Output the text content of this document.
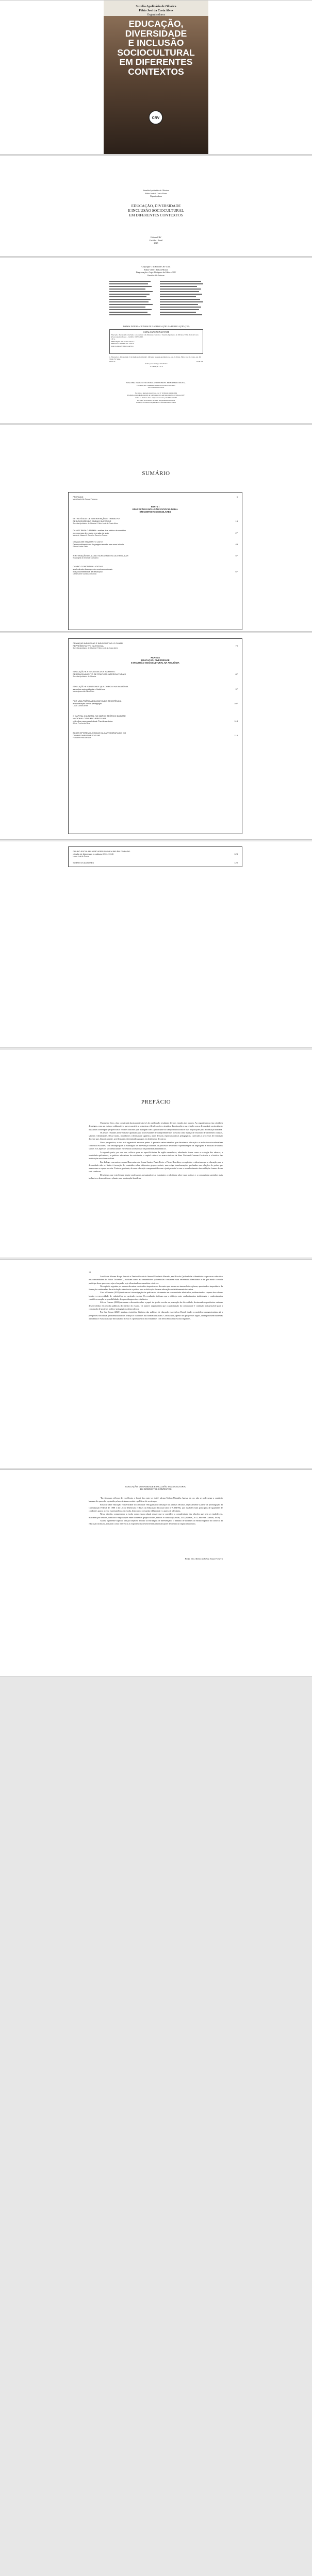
Suzeléa Apolinário de Oliveira
Fábio José da Costa Alves
Organizadores
EDUCAÇÃO,
DIVERSIDADE
E INCLUSÃO
SOCIOCULTURAL
EM DIFERENTES
CONTEXTOS
CRV
Suzeléa Apolinário de Oliveira
Fábio José da Costa Alves
Organizadores
EDUCAÇÃO, DIVERSIDADE
E INCLUSÃO SOCIOCULTURAL
EM DIFERENTES CONTEXTOS
Editora CRV
Curitiba - Brasil
2023
Copyright © da Editora CRV Ltda.
Editor-chefe: Railson Moura
Diagramação e Capa: Designers da Editora CRV
Revisão: Os Autores
DADOS INTERNACIONAIS DE CATALOGAÇÃO NA PUBLICAÇÃO (CIP)
CATALOGAÇÃO NA FONTE
Educação, diversidade e inclusão sociocultural em diferentes contextos / Suzeléa Apolinário de Oliveira, Fábio José da Costa Alves (organizadores) – Curitiba : CRV, 2023.
130 p.
ISBN Digital 978-65-251-4473-7
ISBN Físico 978-65-251-4470-6
DOI 10.24824/978652514470.6
1. Educação 2. Diversidade 3. Inclusão sociocultural I. Oliveira, Suzeléa Apolinário de. org. II. Alves, Fábio José da Costa. org. III. Título IV. Série.
CDU 37	CDD 370
Índice para catálogo sistemático
1. Educação – 370
ESTA OBRA TAMBÉM ENCONTRA-SE DISPONÍVEL EM FORMATO DIGITAL.
CONHEÇA E COMPRE NOSSOS LIVROS NO SITE:
www.editoracrv.com.br
Foi feito o depósito legal conf. Lei nº 10.994 de 14/12/2004
Proibida a reprodução parcial ou total desta obra sem autorização da Editora CRV
Todos os direitos desta edição reservados pela Editora CRV
Tel.: (41) 3039-6418 – E-mail: sac@editoracrv.com.br
Conheça os nossos lançamentos: www.editoracrv.com.br
SUMÁRIO
PREFÁCIO	9
Maria Isabel de Souza Fonseca
PARTE I
EDUCAÇÃO E INCLUSÃO SOCIOCULTURAL
EM CONTEXTOS ESCOLARES
ESTRATÉGIAS DE INTERVENÇÃO E TRABALHO
DE DOCENTES DO ENSINO SUPERIOR	13
Suzeléa Apolinário de Oliveira / Fábio José da Costa Alves
DA VOZ PARA O ANIMAL: análise dos efeitos de sentidos
no processo de ensino em sala de aula	27
Maria de Nazareth Cordeiro Carneiro Franco
OUÇAM-ME ENQUANTO LATO!
Desenvolvimento da linguagem escrita nos anos iniciais	43
Edmar Xavier Pinto
A INTERAÇÃO DE ALUNO SURDO NA ESCOLA REGULAR	57
Rosangela de Andrade Camacho
CAMPO CONCEITUAL ADITIVO:
a relevância dos aspectos socioemocionais
nos procedimentos de resolução	67
Carla Karine Cardoso Miranda
CRIANÇAS INDÍGENAS E INDIGENISTAS: O OLHAR
REPRESENTATIVO NA ESCOLA	79
Suzeléa Apolinário de Oliveira / Fábio José da Costa Alves
PARTE II
EDUCAÇÃO, DIVERSIDADE
E INCLUSÃO SOCIOCULTURAL NA AMAZÔNIA
EDUCAÇÃO E A ECOLOGIA DOS SABERES:
DESENVOLVIMENTO DE PRÁTICAS INTERCULTURAIS	87
Suzeléa Apolinário de Oliveira
EDUCAÇÃO E IDENTIDADE QUILOMBOLA NA AMAZÔNIA
aspectos socioculturais e históricos	97
Maria Aparecida Silva Pinto
POR UMA PRÁTICA EDUCATIVA DE RESISTÊNCIA
e sua relação com a pedagogia	107
Lucas Cleiton Alves
O CAPITAL CULTURAL NO MARCO TEÓRICO DA BASE
NACIONAL COMUM CURRICULAR:
reflexões para a sociedade Pan-Amazônica	113
Arlete Pereira da Silva
BASES EPISTEMOLÓGICAS DA CARTOGRAFIA DO DO
CONHECIMENTO ESCOLAR	119
Franciele Pinto da Silva
GRUPO ESCOLAR JOSÉ VERÍSSIMO EM BELÉM DO PARÁ:
relação de lideranças e práticas (1901-1910)	123
Lucas Leal de Sousa
SOBRE OS AUTORES	129
PREFÁCIO

O presente livro, obra constituída basicamente através de publicação resultante de seus estudos dos autores. Ao organizarmos esta coletânea de artigos, com um esforço colaborativo, que reconstrói as primeiras reflexões sobre a temática da educação e sua relação com a diversidade sociocultural, buscamos contemplar perspectivas e recortes distintos que dialogam com a pluralidade do campo educacional e suas implicações para a formação humana.

Os textos reunidos neste volume apontam para a necessidade de compreendermos a escola como espaço de encontro de diferentes culturas, saberes e identidades. Desse modo, reconhecer a diversidade significa, antes de tudo, repensar práticas pedagógicas, currículos e processos de formação docente que, historicamente, privilegiaram determinados grupos em detrimento de outros.

Nessa perspectiva, a obra está organizada em duas partes. A primeira reúne trabalhos que discutem a educação e a inclusão sociocultural em contextos escolares, com destaque para as estratégias de intervenção docente, os processos de ensino e aprendizagem da linguagem, a inclusão de alunos surdos e os aspectos socioemocionais envolvidos na resolução de problemas matemáticos.

A segunda parte, por sua vez, volta-se para as especificidades da região amazônica, abordando temas como a ecologia dos saberes, a identidade quilombola, as práticas educativas de resistência, o capital cultural no marco teórico da Base Nacional Comum Curricular e a história das instituições escolares no Pará.

Em diálogo com autores como Boaventura de Sousa Santos, Paulo Freire e Pierre Bourdieu, os capítulos evidenciam que a educação para a diversidade não se limita à inserção de conteúdos sobre diferentes grupos sociais, mas exige transformações profundas nas relações de poder que atravessam o espaço escolar. Trata-se, portanto, de uma educação comprometida com a justiça social e com o reconhecimento das múltiplas formas de ser e de conhecer.

Desejamos que esta leitura inspire professores, pesquisadores e estudantes a refletirem sobre suas práticas e a construírem caminhos mais inclusivos, democráticos e plurais para a educação brasileira.

Lucélia de Moraes Braga Bassalo e Denise Gorett do Amaral Machado Macedo, em “Escola Quilombola e identidade: o processo educativo nas comunidades do Baixo Tocantins”, analisam como as comunidades quilombolas constroem suas referências identitárias e de que modo a escola participa desse processo, seja reforçando, seja silenciando as memórias coletivas.

No capítulo seguinte, os autores discutem os desafios impostos aos docentes que atuam em turmas heterogêneas, apontando a importância da formação continuada e da articulação entre teoria e prática para a efetivação de uma educação verdadeiramente inclusiva.

Cruz e Ferreira (2021) dedicam-se à investigação das práticas de letramento em comunidades ribeirinhas, evidenciando a riqueza dos saberes locais e a necessidade de valorizá-los no currículo escolar. Os resultados indicam que o diálogo entre conhecimentos tradicionais e conhecimentos científicos amplia as possibilidades de aprendizagem dos estudantes.

Silva e Gomes (2022) retomam a discussão sobre o papel da gestão escolar na promoção da diversidade, destacando experiências exitosas desenvolvidas em escolas públicas do interior do estado. Os autores argumentam que a participação da comunidade é condição indispensável para a construção de projetos político-pedagógicos democráticos.

Por fim, Souza (2020) analisa a trajetória histórica das políticas de educação especial no Brasil, desde os modelos segregacionistas até a perspectiva inclusiva, problematizando os avanços e os limites das normativas atuais. Conclui que, apesar dos progressos legais, ainda persistem barreiras atitudinais e estruturais que dificultam o acesso e a permanência dos estudantes com deficiência nas escolas regulares.

10
EDUCAÇÃO, DIVERSIDADE E INCLUSÃO SOCIOCULTURAL
EM DIFERENTES CONTEXTOS

“Eu vim para reflexos de excelência, e fiquei fixo entre os dois”, afirma Nelson Mandela. Apesar da cor, não se pode negar a condição humana de quem foi oprimido pelas estruturas sociais e políticas de seu tempo.

Estudos sobre educação e diversidade sociocultural vêm ganhando destaque nas últimas décadas, especialmente a partir da promulgação da Constituição Federal de 1988 e da Lei de Diretrizes e Bases da Educação Nacional (Lei nº 9.394/96), que estabeleceram princípios de igualdade de condições para o acesso e permanência na escola, bem como o respeito à liberdade e o apreço à tolerância.

Nessa direção, compreender a escola como espaço plural requer que se considere a complexidade das relações que nela se estabelecem, marcadas por tensões, conflitos e negociações entre diferentes grupos sociais, étnicos e culturais (Candau, 2012; Gomes, 2017; Moreira; Candau, 2008).

Assim, o presente capítulo tem por objetivo discutir as estratégias de intervenção e o trabalho de docentes do ensino superior no contexto da educação inclusiva, tomando como referência as experiências desenvolvidas em instituições de ensino da região amazônica.

Profa. Dra. Maria Isabel de Souza Fonseca
